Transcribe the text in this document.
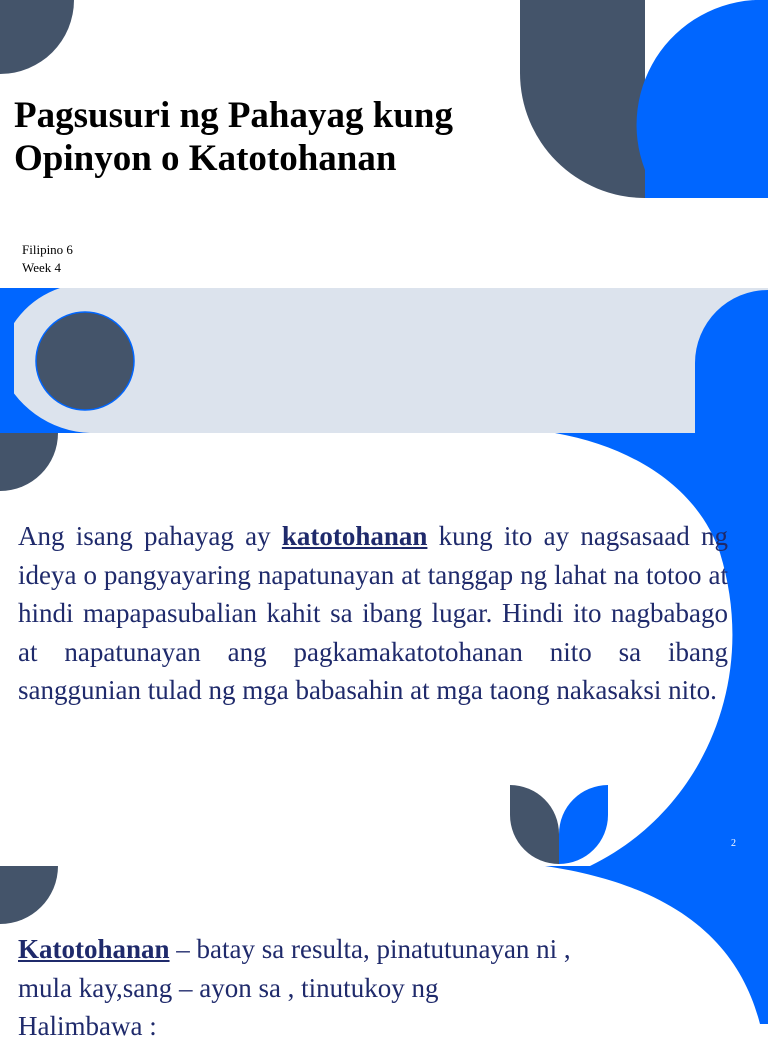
Pagsusuri ng Pahayag kung
Opinyon o Katotohanan
Filipino 6
Week 4

Ang isang pahayag ay katotohanan kung ito ay nagsasaad ng ideya o pangyayaring napatunayan at tanggap ng lahat na totoo at hindi mapapasubalian kahit sa ibang lugar. Hindi ito nagbabago at napatunayan ang pagkamakatotohanan nito sa ibang sanggunian tulad ng mga babasahin at mga taong nakasaksi nito.

2
Katotohanan – batay sa resulta, pinatutunayan ni ,
mula kay,sang – ayon sa , tinutukoy ng
Halimbawa :
